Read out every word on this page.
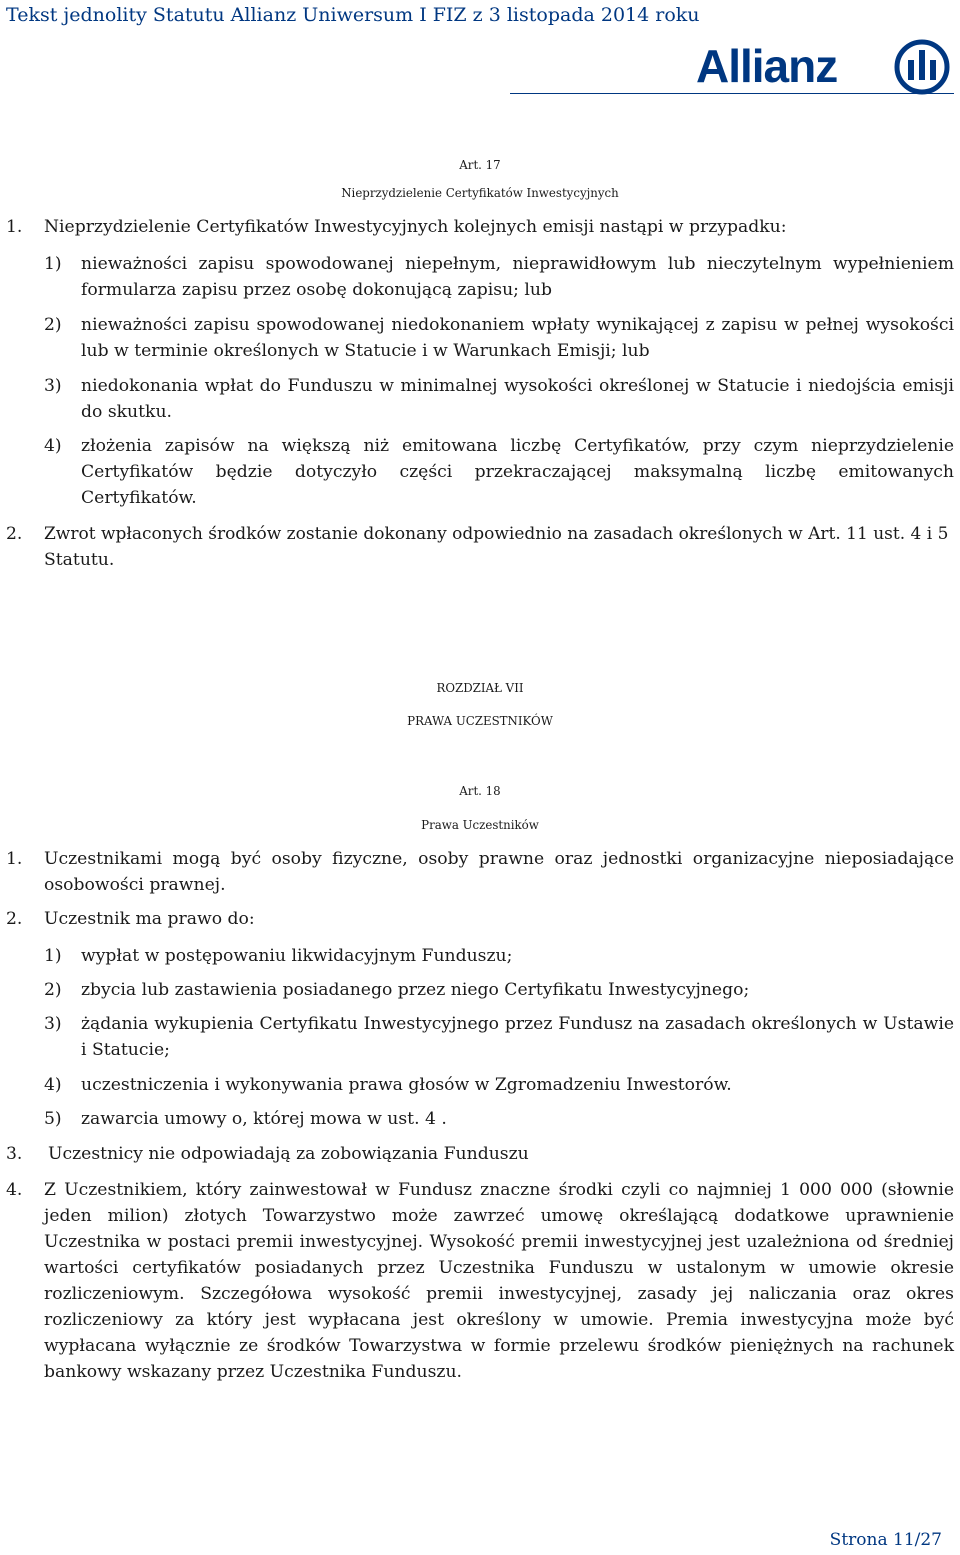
Tekst jednolity Statutu Allianz Uniwersum I FIZ z 3 listopada 2014 roku
Allianz
Art. 17
Nieprzydzielenie Certyfikatów Inwestycyjnych
1. Nieprzydzielenie Certyfikatów Inwestycyjnych kolejnych emisji nastąpi w przypadku:
1) nieważności zapisu spowodowanej niepełnym, nieprawidłowym lub nieczytelnym wypełnieniem
formularza zapisu przez osobę dokonującą zapisu; lub
2) nieważności zapisu spowodowanej niedokonaniem wpłaty wynikającej z zapisu w pełnej wysokości
lub w terminie określonych w Statucie i w Warunkach Emisji; lub
3) niedokonania wpłat do Funduszu w minimalnej wysokości określonej w Statucie i niedojścia emisji
do skutku.
4) złożenia zapisów na większą niż emitowana liczbę Certyfikatów, przy czym nieprzydzielenie
Certyfikatów będzie dotyczyło części przekraczającej maksymalną liczbę emitowanych
Certyfikatów.
2. Zwrot wpłaconych środków zostanie dokonany odpowiednio na zasadach określonych w Art. 11 ust. 4 i 5
Statutu.
ROZDZIAŁ VII
PRAWA UCZESTNIKÓW
Art. 18
Prawa Uczestników
1. Uczestnikami mogą być osoby fizyczne, osoby prawne oraz jednostki organizacyjne nieposiadające
osobowości prawnej.
2. Uczestnik ma prawo do:
1) wypłat w postępowaniu likwidacyjnym Funduszu;
2) zbycia lub zastawienia posiadanego przez niego Certyfikatu Inwestycyjnego;
3) żądania wykupienia Certyfikatu Inwestycyjnego przez Fundusz na zasadach określonych w Ustawie
i Statucie;
4) uczestniczenia i wykonywania prawa głosów w Zgromadzeniu Inwestorów.
5) zawarcia umowy o, której mowa w ust. 4 .
3. Uczestnicy nie odpowiadają za zobowiązania Funduszu
4. Z Uczestnikiem, który zainwestował w Fundusz znaczne środki czyli co najmniej 1 000 000 (słownie
jeden milion) złotych Towarzystwo może zawrzeć umowę określającą dodatkowe uprawnienie
Uczestnika w postaci premii inwestycyjnej. Wysokość premii inwestycyjnej jest uzależniona od średniej
wartości certyfikatów posiadanych przez Uczestnika Funduszu w ustalonym w umowie okresie
rozliczeniowym. Szczegółowa wysokość premii inwestycyjnej, zasady jej naliczania oraz okres
rozliczeniowy za który jest wypłacana jest określony w umowie. Premia inwestycyjna może być
wypłacana wyłącznie ze środków Towarzystwa w formie przelewu środków pieniężnych na rachunek
bankowy wskazany przez Uczestnika Funduszu.
Strona 11/27
